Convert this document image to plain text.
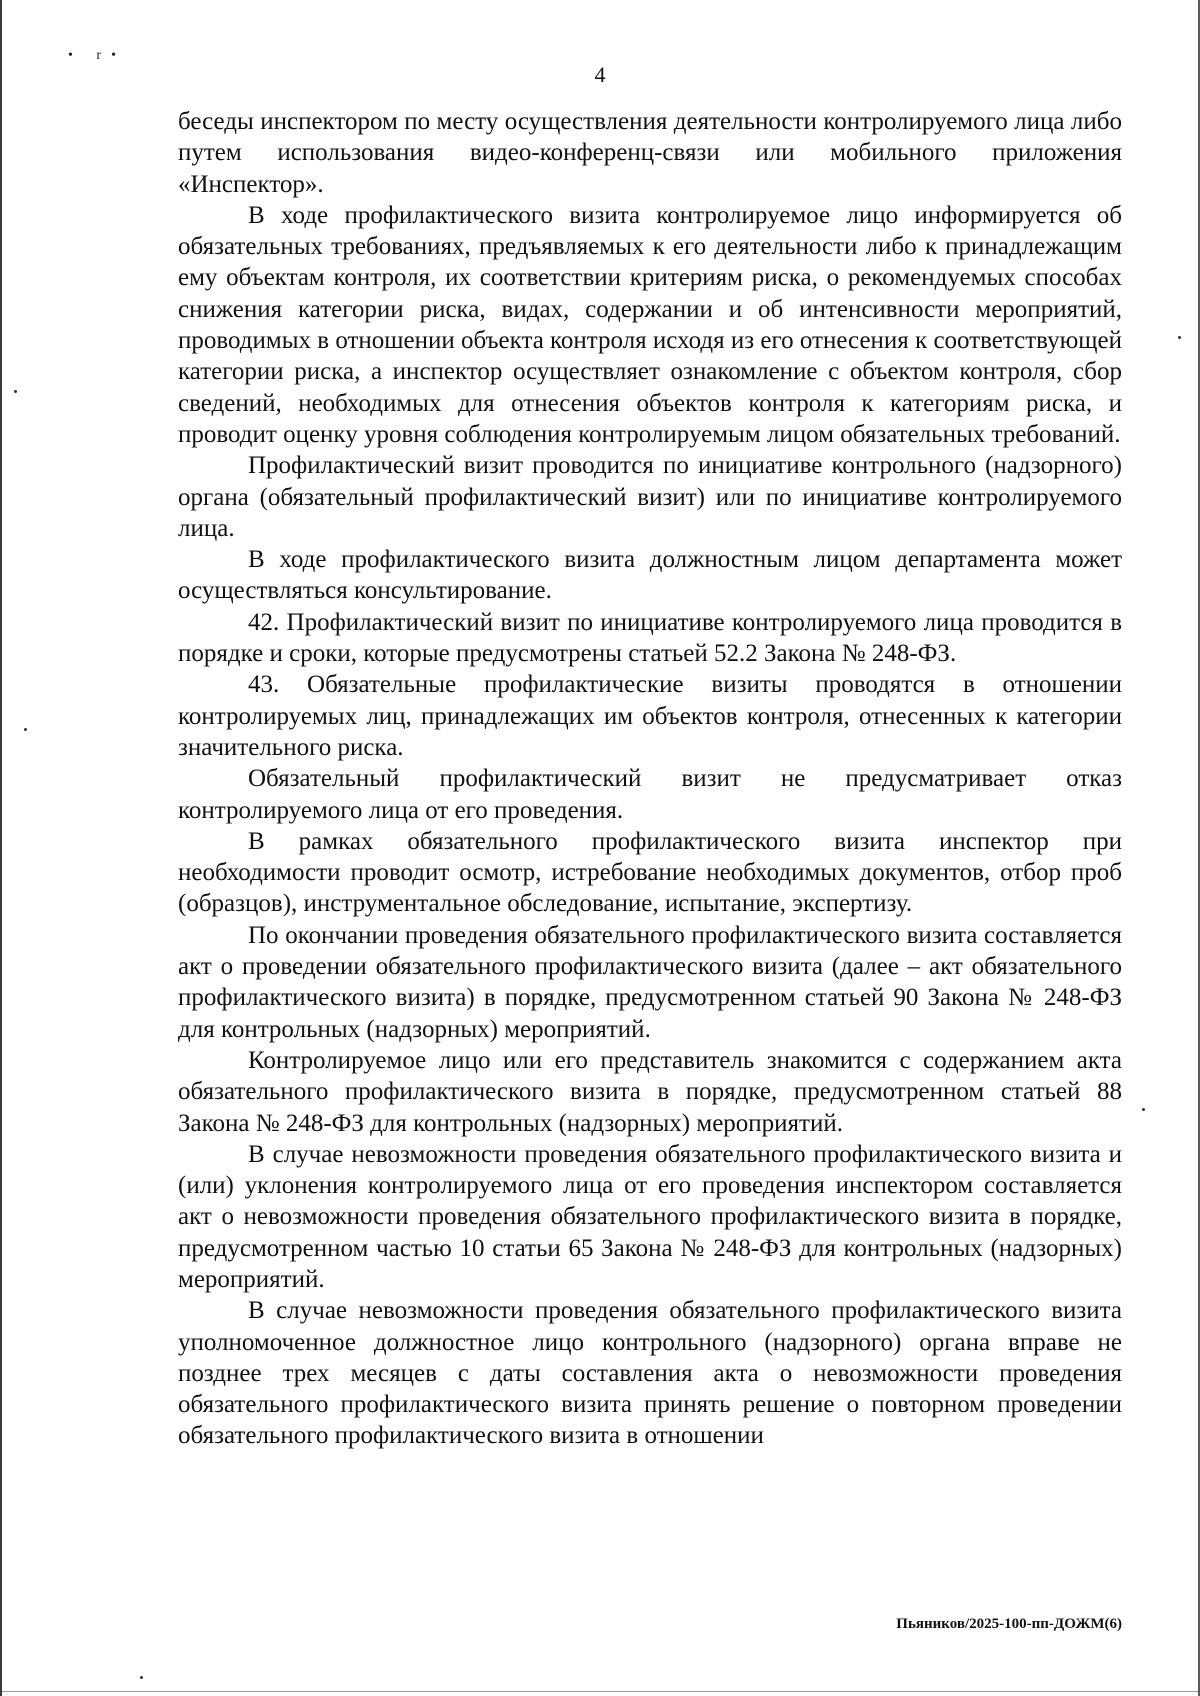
• r•
4

беседы инспектором по месту осуществления деятельности контролируемого лица либо путем использования видео-конференц-связи или мобильного приложения «Инспектор».

В ходе профилактического визита контролируемое лицо информируется об обязательных требованиях, предъявляемых к его деятельности либо к принадлежащим ему объектам контроля, их соответствии критериям риска, о рекомендуемых способах снижения категории риска, видах, содержании и об интенсивности мероприятий, проводимых в отношении объекта контроля исходя из его отнесения к соответствующей категории риска, а инспектор осуществляет ознакомление с объектом контроля, сбор сведений, необходимых для отнесения объектов контроля к категориям риска, и проводит оценку уровня соблюдения контролируемым лицом обязательных требований.

Профилактический визит проводится по инициативе контрольного (надзорного) органа (обязательный профилактический визит) или по инициативе контролируемого лица.

В ходе профилактического визита должностным лицом департамента может осуществляться консультирование.

42. Профилактический визит по инициативе контролируемого лица проводится в порядке и сроки, которые предусмотрены статьей 52.2 Закона № 248-ФЗ.

43. Обязательные профилактические визиты проводятся в отношении контролируемых лиц, принадлежащих им объектов контроля, отнесенных к категории значительного риска.

Обязательный профилактический визит не предусматривает отказ контролируемого лица от его проведения.

В рамках обязательного профилактического визита инспектор при необходимости проводит осмотр, истребование необходимых документов, отбор проб (образцов), инструментальное обследование, испытание, экспертизу.

По окончании проведения обязательного профилактического визита составляется акт о проведении обязательного профилактического визита (далее – акт обязательного профилактического визита) в порядке, предусмотренном статьей 90 Закона № 248-ФЗ для контрольных (надзорных) мероприятий.

Контролируемое лицо или его представитель знакомится с содержанием акта обязательного профилактического визита в порядке, предусмотренном статьей 88 Закона № 248-ФЗ для контрольных (надзорных) мероприятий.

В случае невозможности проведения обязательного профилактического визита и (или) уклонения контролируемого лица от его проведения инспектором составляется акт о невозможности проведения обязательного профилактического визита в порядке, предусмотренном частью 10 статьи 65 Закона № 248-ФЗ для контрольных (надзорных) мероприятий.

В случае невозможности проведения обязательного профилактического визита уполномоченное должностное лицо контрольного (надзорного) органа вправе не позднее трех месяцев с даты составления акта о невозможности проведения обязательного профилактического визита принять решение о повторном проведении обязательного профилактического визита в отношении

Пьяников/2025-100-пп-ДОЖМ(6)
